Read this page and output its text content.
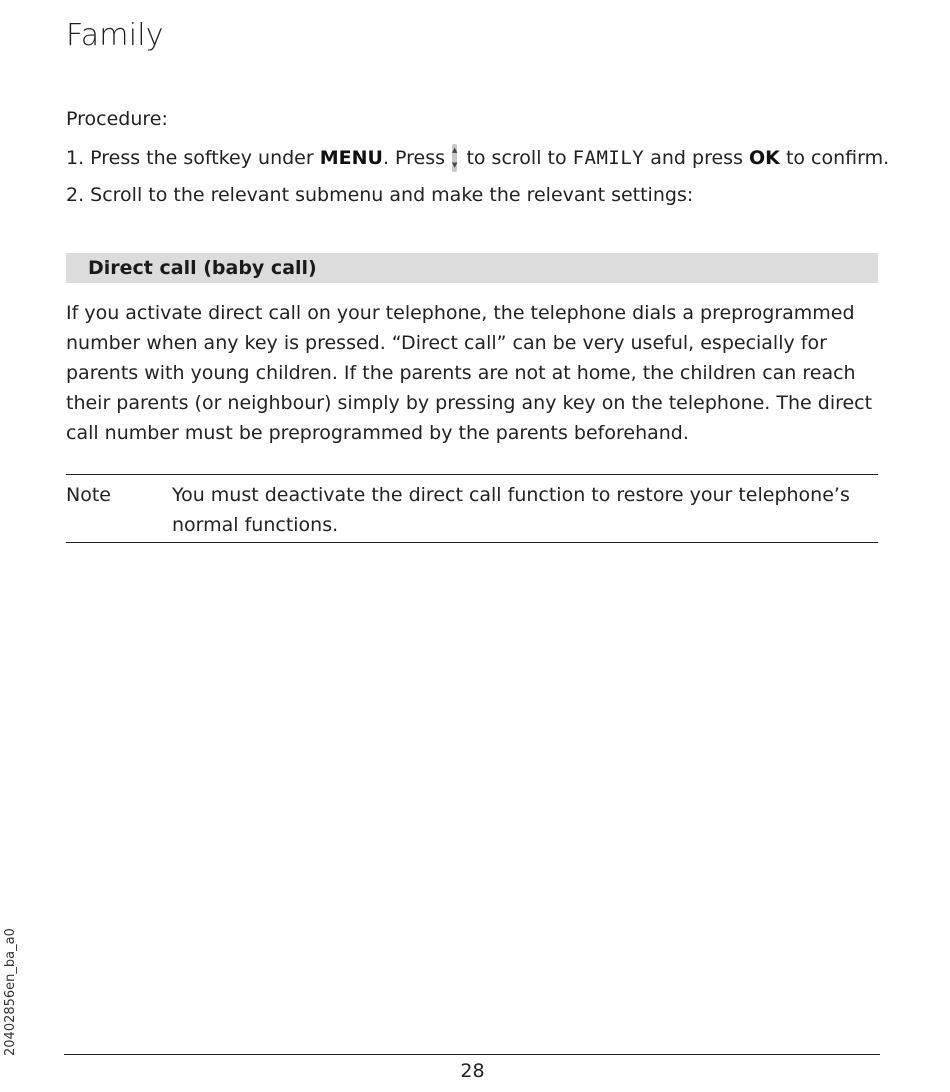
Family
Procedure:
1. Press the softkey under
MENU . Press ▲
▼ to scroll to FAMILY and press
OK
to confirm.
2. Scroll to the relevant submenu and make the relevant settings:
Direct call (baby call)
If you activate direct call on your telephone, the telephone dials a preprogrammed number when any key is pressed. “Direct call” can be very useful, especially for parents with young children. If the parents are not at home, the children can reach their parents (or neighbour) simply by pressing any key on the telephone. The direct call number must be preprogrammed by the parents beforehand.
Note	You must deactivate the direct call function to restore your telephone’s normal functions.
20402856en_ba_a0
28
